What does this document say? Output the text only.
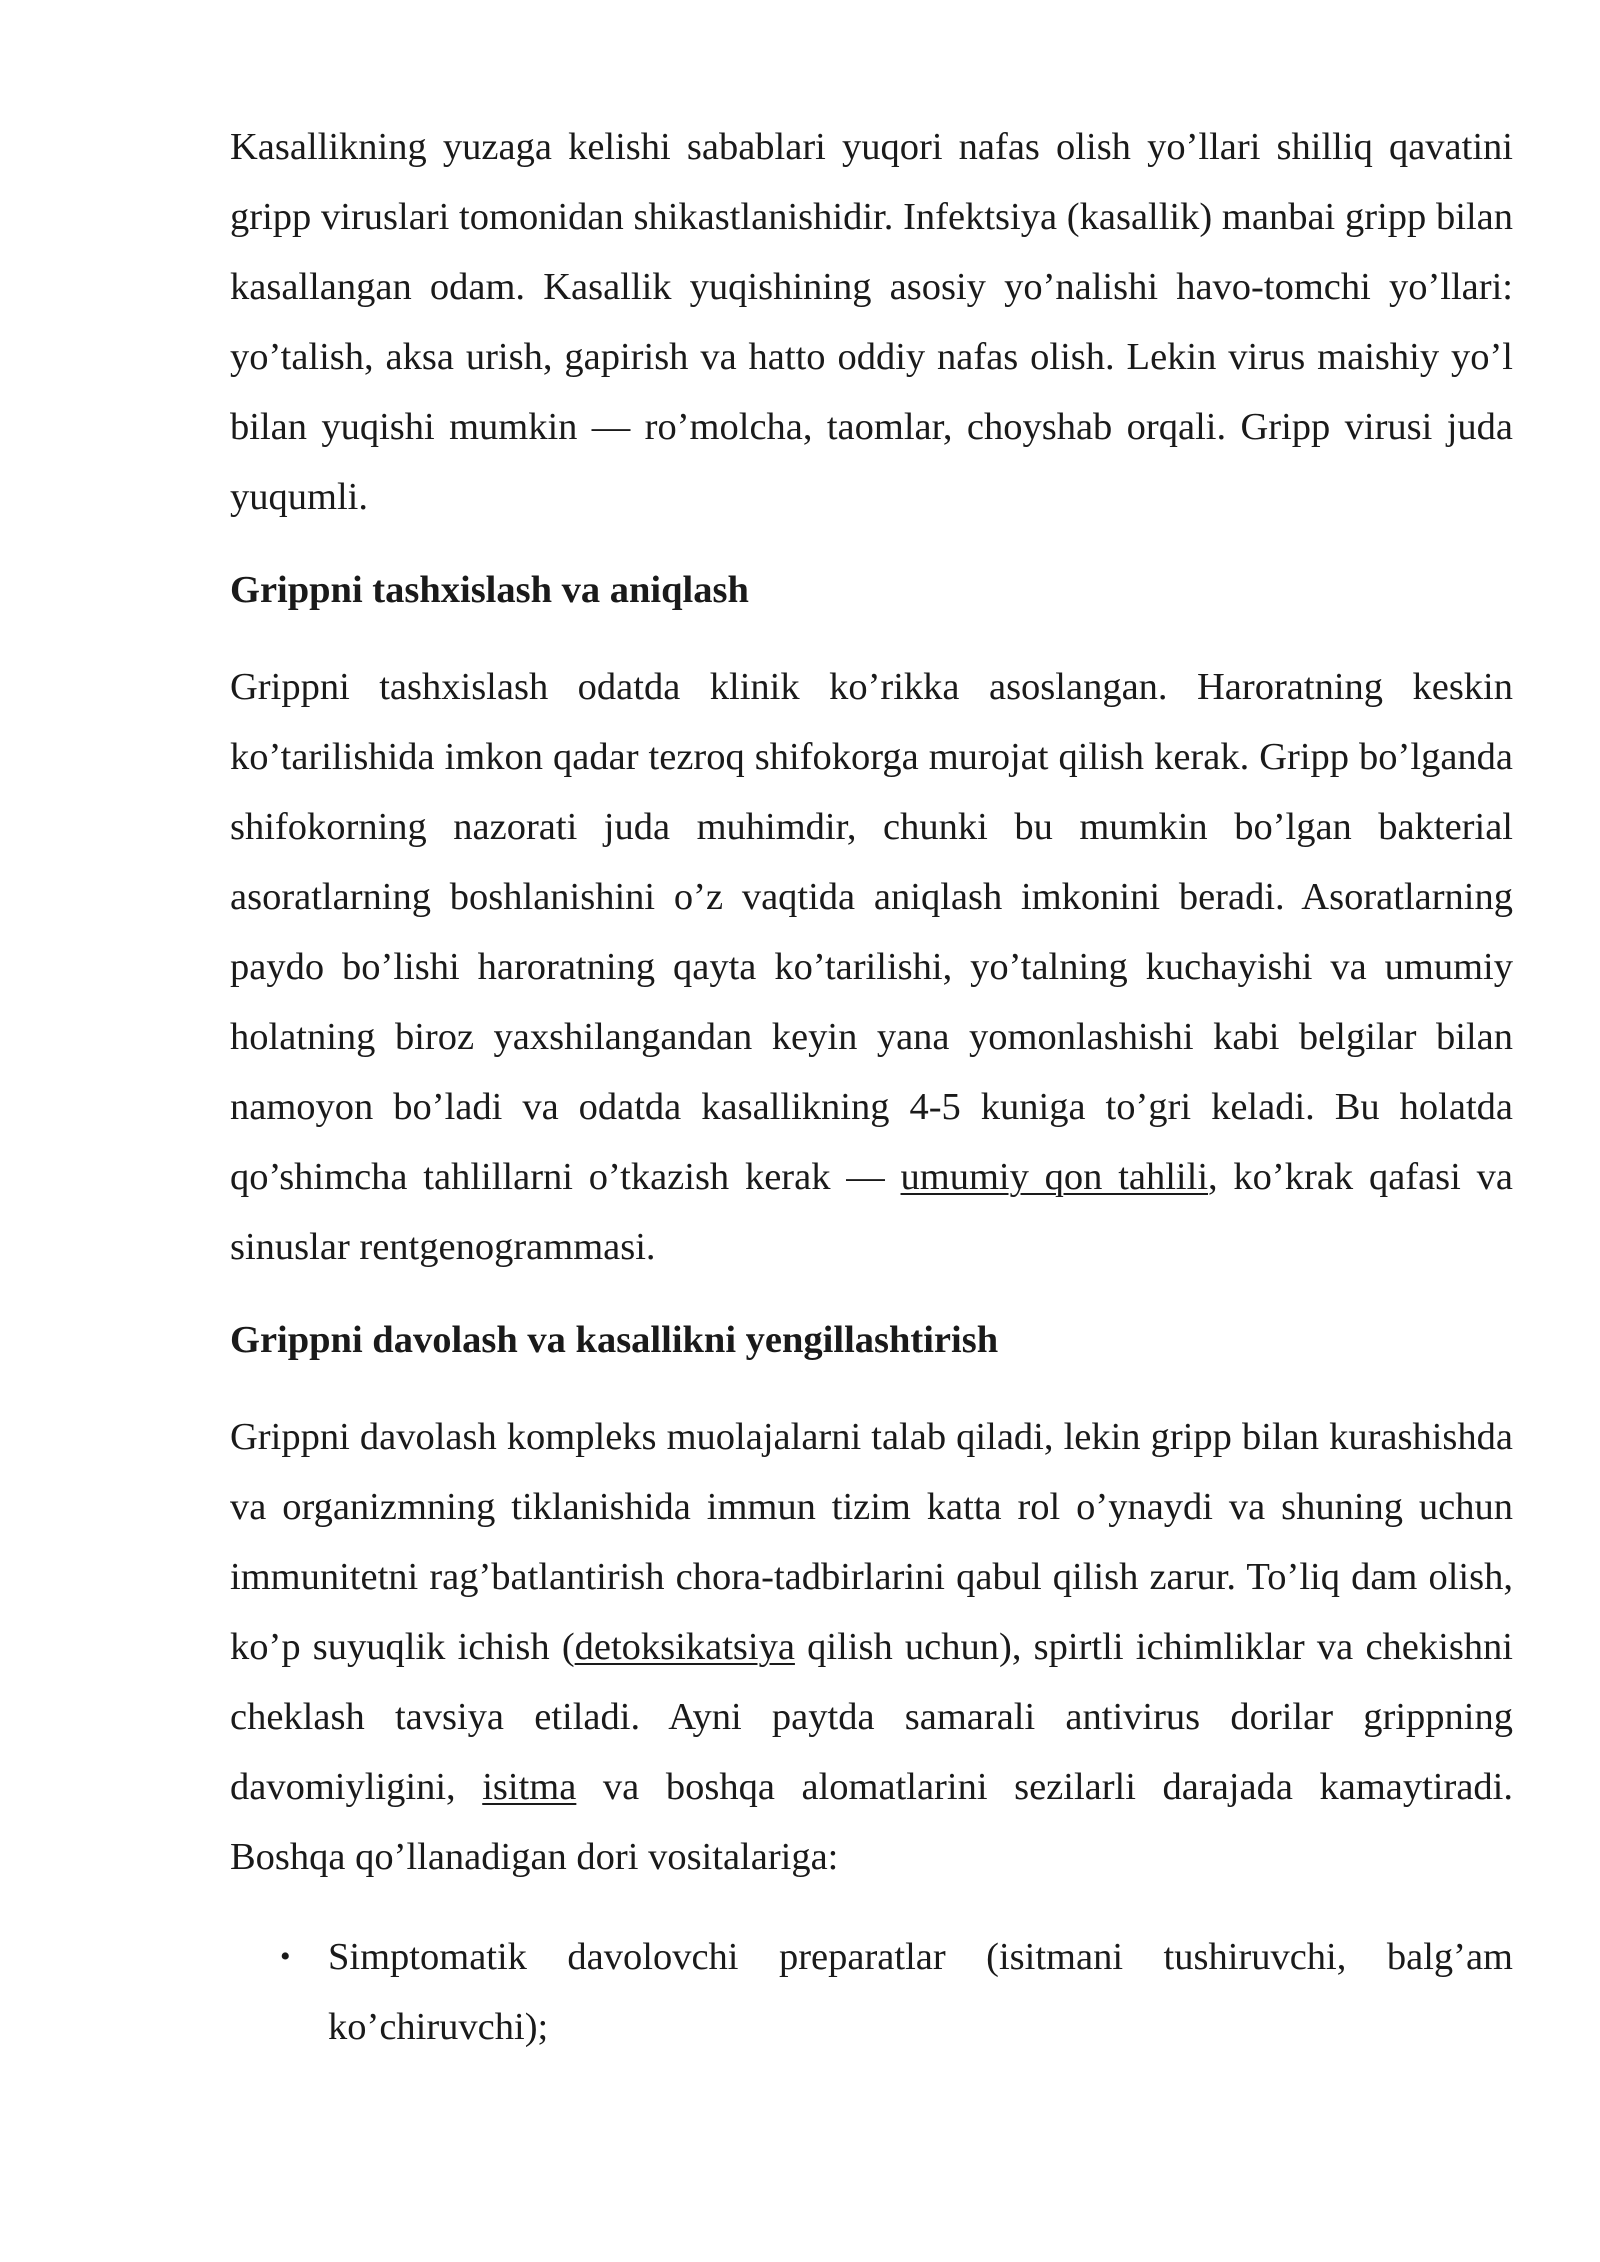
Kasallikning yuzaga kelishi sabablari yuqori nafas olish yo’llari shilliq qavatini gripp viruslari tomonidan shikastlanishidir. Infektsiya (kasallik) manbai gripp bilan kasallangan odam. Kasallik yuqishining asosiy yo’nalishi havo-tomchi yo’llari: yo’talish, aksa urish, gapirish va hatto oddiy nafas olish. Lekin virus maishiy yo’l bilan yuqishi mumkin — ro’molcha, taomlar, choyshab orqali. Gripp virusi juda yuqumli.

Grippni tashxislash va aniqlash

Grippni tashxislash odatda klinik ko’rikka asoslangan. Haroratning keskin ko’tarilishida imkon qadar tezroq shifokorga murojat qilish kerak. Gripp bo’lganda shifokorning nazorati juda muhimdir, chunki bu mumkin bo’lgan bakterial asoratlarning boshlanishini o’z vaqtida aniqlash imkonini beradi. Asoratlarning paydo bo’lishi haroratning qayta ko’tarilishi, yo’talning kuchayishi va umumiy holatning biroz yaxshilangandan keyin yana yomonlashishi kabi belgilar bilan namoyon bo’ladi va odatda kasallikning 4-5 kuniga to’gri keladi. Bu holatda qo’shimcha tahlillarni o’tkazish kerak — umumiy qon tahlili, ko’krak qafasi va sinuslar rentgenogrammasi.

Grippni davolash va kasallikni yengillashtirish

Grippni davolash kompleks muolajalarni talab qiladi, lekin gripp bilan kurashishda va organizmning tiklanishida immun tizim katta rol o’ynaydi va shuning uchun immunitetni rag’batlantirish chora-tadbirlarini qabul qilish zarur. To’liq dam olish, ko’p suyuqlik ichish (detoksikatsiya qilish uchun), spirtli ichimliklar va chekishni cheklash tavsiya etiladi. Ayni paytda samarali antivirus dorilar grippning davomiyligini, isitma va boshqa alomatlarini sezilarli darajada kamaytiradi. Boshqa qo’llanadigan dori vositalariga:

• Simptomatik davolovchi preparatlar (isitmani tushiruvchi, balg’am ko’chiruvchi);
